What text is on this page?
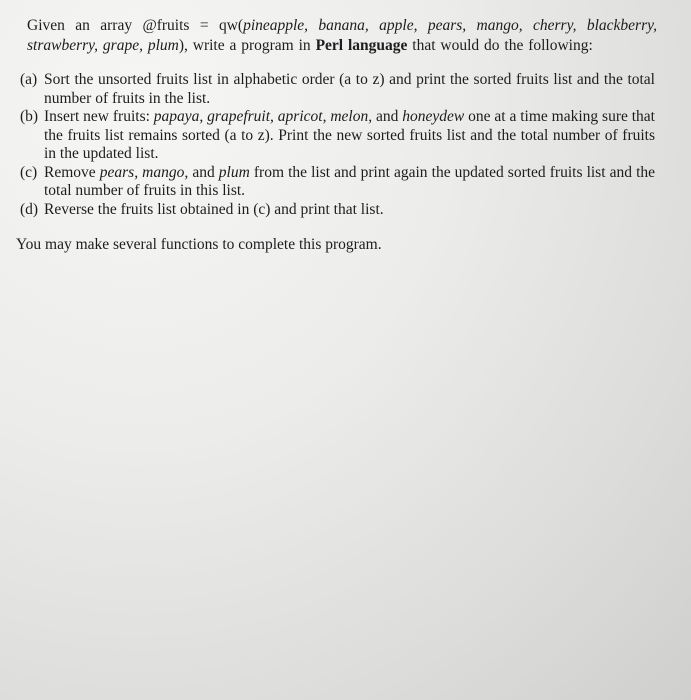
Given an array @fruits = qw(pineapple, banana, apple, pears, mango, cherry, blackberry, strawberry, grape, plum), write a program in Perl language that would do the following:
(a) Sort the unsorted fruits list in alphabetic order (a to z) and print the sorted fruits list and the total number of fruits in the list.
(b) Insert new fruits: papaya, grapefruit, apricot, melon, and honeydew one at a time making sure that the fruits list remains sorted (a to z). Print the new sorted fruits list and the total number of fruits in the updated list.
(c) Remove pears, mango, and plum from the list and print again the updated sorted fruits list and the total number of fruits in this list.
(d) Reverse the fruits list obtained in (c) and print that list.
You may make several functions to complete this program.
